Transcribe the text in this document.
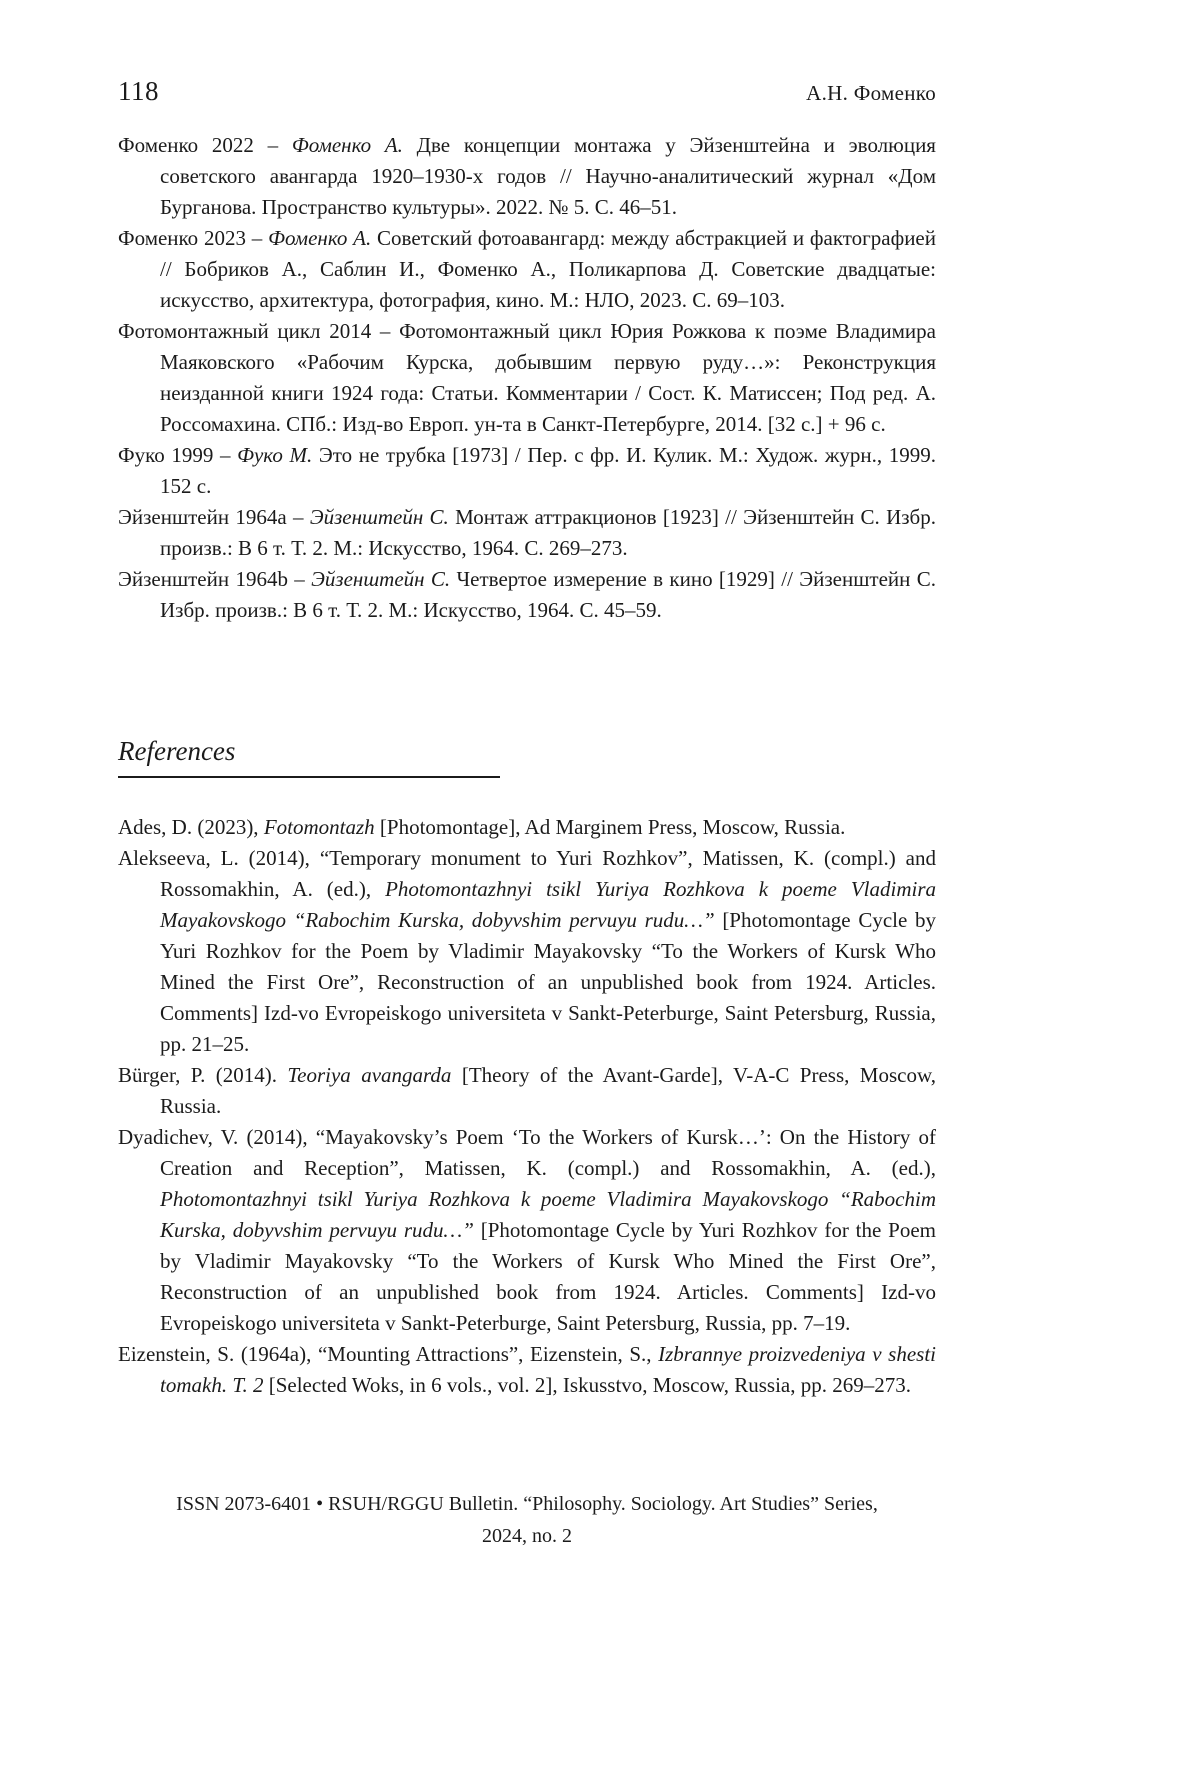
118	А.Н. Фоменко

Фоменко 2022 – Фоменко А. Две концепции монтажа у Эйзенштейна и эволюция советского авангарда 1920–1930-х годов // Научно-аналитический журнал «Дом Бурганова. Пространство культуры». 2022. № 5. С. 46–51.

Фоменко 2023 – Фоменко А. Советский фотоавангард: между абстракцией и фактографией // Бобриков А., Саблин И., Фоменко А., Поликарпова Д. Советские двадцатые: искусство, архитектура, фотография, кино. М.: НЛО, 2023. С. 69–103.

Фотомонтажный цикл 2014 – Фотомонтажный цикл Юрия Рожкова к поэме Владимира Маяковского «Рабочим Курска, добывшим первую руду…»: Реконструкция неизданной книги 1924 года: Статьи. Комментарии / Сост. К. Матиссен; Под ред. А. Россомахина. СПб.: Изд-во Европ. ун-та в Санкт-Петербурге, 2014. [32 с.] + 96 с.

Фуко 1999 – Фуко М. Это не трубка [1973] / Пер. с фр. И. Кулик. М.: Худож. журн., 1999. 152 с.

Эйзенштейн 1964a – Эйзенштейн С. Монтаж аттракционов [1923] // Эйзенштейн С. Избр. произв.: В 6 т. Т. 2. М.: Искусство, 1964. С. 269–273.

Эйзенштейн 1964b – Эйзенштейн С. Четвертое измерение в кино [1929] // Эйзенштейн С. Избр. произв.: В 6 т. Т. 2. М.: Искусство, 1964. С. 45–59.

References

Ades, D. (2023), Fotomontazh [Photomontage], Ad Marginem Press, Moscow, Russia.

Alekseeva, L. (2014), “Temporary monument to Yuri Rozhkov”, Matissen, K. (compl.) and Rossomakhin, A. (ed.), Photomontazhnyi tsikl Yuriya Rozhkova k poeme Vladimira Mayakovskogo “Rabochim Kurska, dobyvshim pervuyu rudu…” [Photomontage Cycle by Yuri Rozhkov for the Poem by Vladimir Mayakovsky “To the Workers of Kursk Who Mined the First Ore”, Reconstruction of an unpublished book from 1924. Articles. Comments] Izd-vo Evropeiskogo universiteta v Sankt-Peterburge, Saint Petersburg, Russia, pp. 21–25.

Bürger, P. (2014). Teoriya avangarda [Theory of the Avant-Garde], V-A-C Press, Moscow, Russia.

Dyadichev, V. (2014), “Mayakovsky’s Poem ‘To the Workers of Kursk…’: On the History of Creation and Reception”, Matissen, K. (compl.) and Rossomakhin, A. (ed.), Photomontazhnyi tsikl Yuriya Rozhkova k poeme Vladimira Mayakovskogo “Rabochim Kurska, dobyvshim pervuyu rudu…” [Photomontage Cycle by Yuri Rozhkov for the Poem by Vladimir Mayakovsky “To the Workers of Kursk Who Mined the First Ore”, Reconstruction of an unpublished book from 1924. Articles. Comments] Izd-vo Evropeiskogo universiteta v Sankt-Peterburge, Saint Petersburg, Russia, pp. 7–19.

Eizenstein, S. (1964a), “Mounting Attractions”, Eizenstein, S., Izbrannye proizvedeniya v shesti tomakh. T. 2 [Selected Woks, in 6 vols., vol. 2], Iskusstvo, Moscow, Russia, pp. 269–273.

ISSN 2073-6401 • RSUH/RGGU Bulletin. “Philosophy. Sociology. Art Studies” Series,
2024, no. 2
